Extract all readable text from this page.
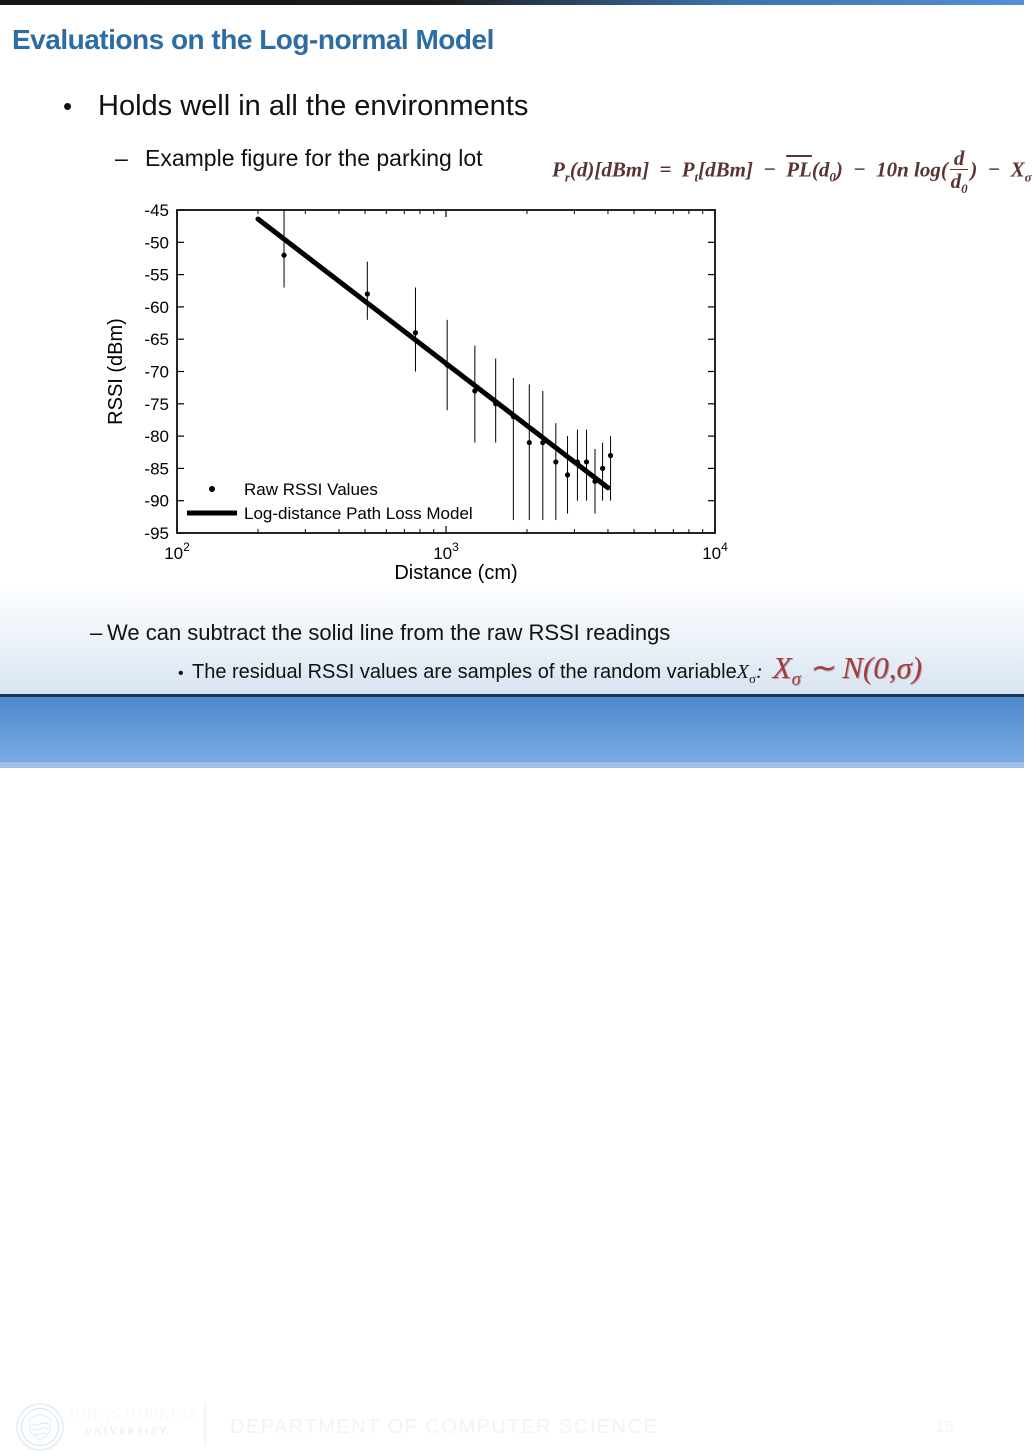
Evaluations on the Log-normal Model
• Holds well in all the environments
– Example figure for the parking lot	$P_r(d)[dBm] = P_t[dBm] - \overline{PL}(d_0) - 10n$ $\log( \frac{d}{d_0}$ ) − $X_\sigma$
-45
-50
-55
-60
-65
-70
-75
-80
-85
-90
-95
$10^2$	$10^3$	$10^4$
Distance (cm)
RSSI (dBm)
Raw RSSI Values
Log-distance Path Loss Model
– We can subtract the solid line from the raw RSSI readings
• The residual RSSI values are samples of the random variable $X_\sigma$: $X_\sigma$ ∼ N(0,σ)
JOHNS HOPKINS
UNIVERSITY	DEPARTMENT OF COMPUTER SCIENCE	15
